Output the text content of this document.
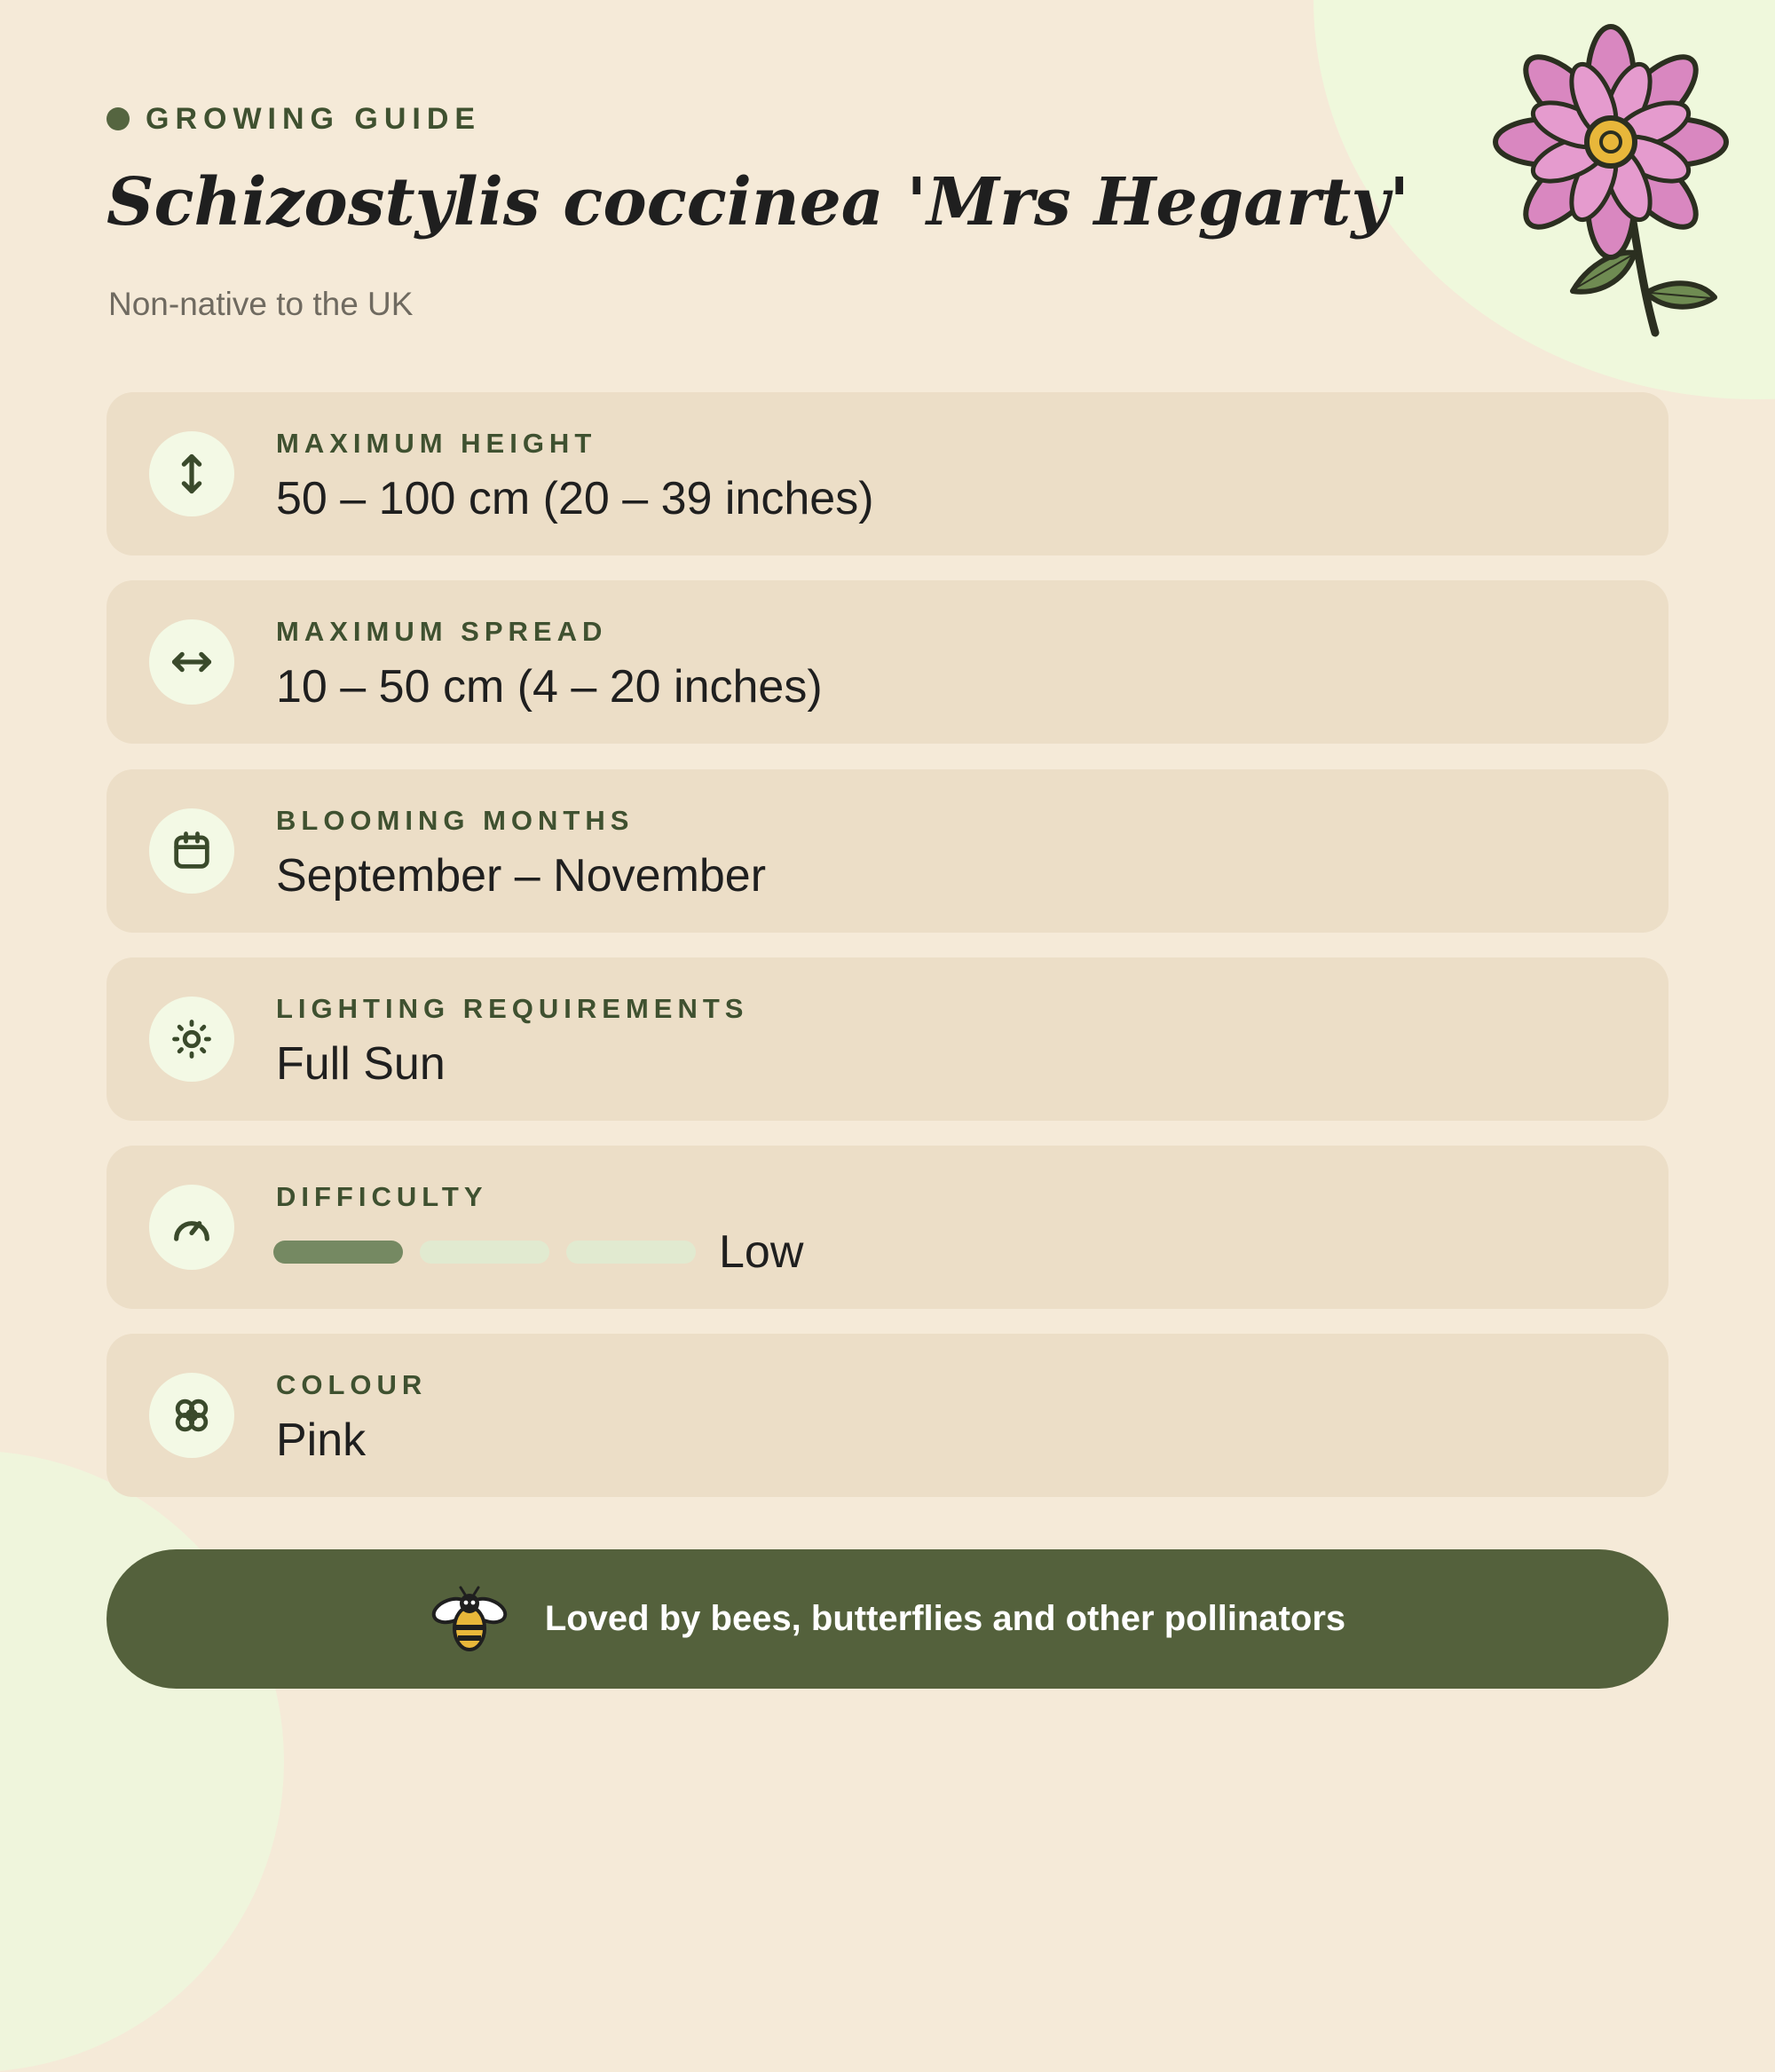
GROWING GUIDE
Schizostylis coccinea 'Mrs Hegarty'
Non-native to the UK
MAXIMUM HEIGHT
50 – 100 cm (20 – 39 inches)
MAXIMUM SPREAD
10 – 50 cm (4 – 20 inches)
BLOOMING MONTHS
September – November
LIGHTING REQUIREMENTS
Full Sun
DIFFICULTY
Low
COLOUR
Pink
Loved by bees, butterflies and other pollinators
